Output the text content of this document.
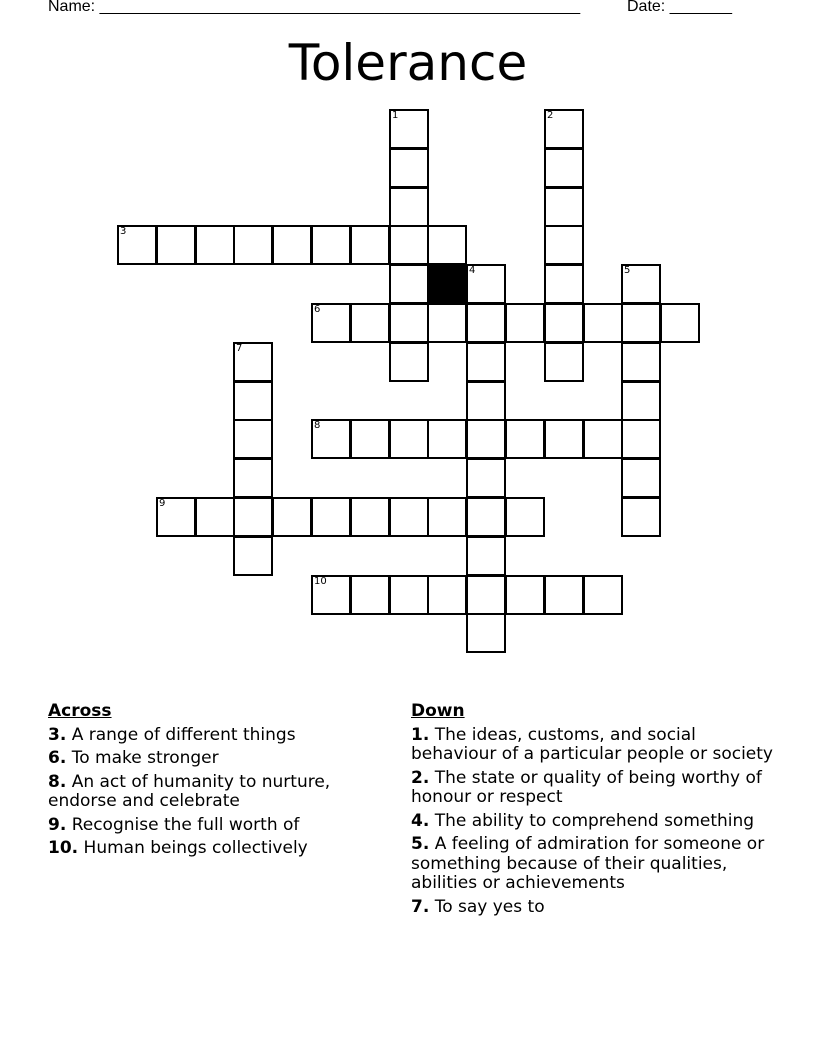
Name: ______________________________________________________	Date: _______
Tolerance
1	2
3
4	5
6
7
8
9
10
Across
3. A range of different things
6. To make stronger
8. An act of humanity to nurture, endorse and celebrate
9. Recognise the full worth of
10. Human beings collectively
Down
1. The ideas, customs, and social behaviour of a particular people or society
2. The state or quality of being worthy of honour or respect
4. The ability to comprehend something
5. A feeling of admiration for someone or something because of their qualities, abilities or achievements
7. To say yes to
